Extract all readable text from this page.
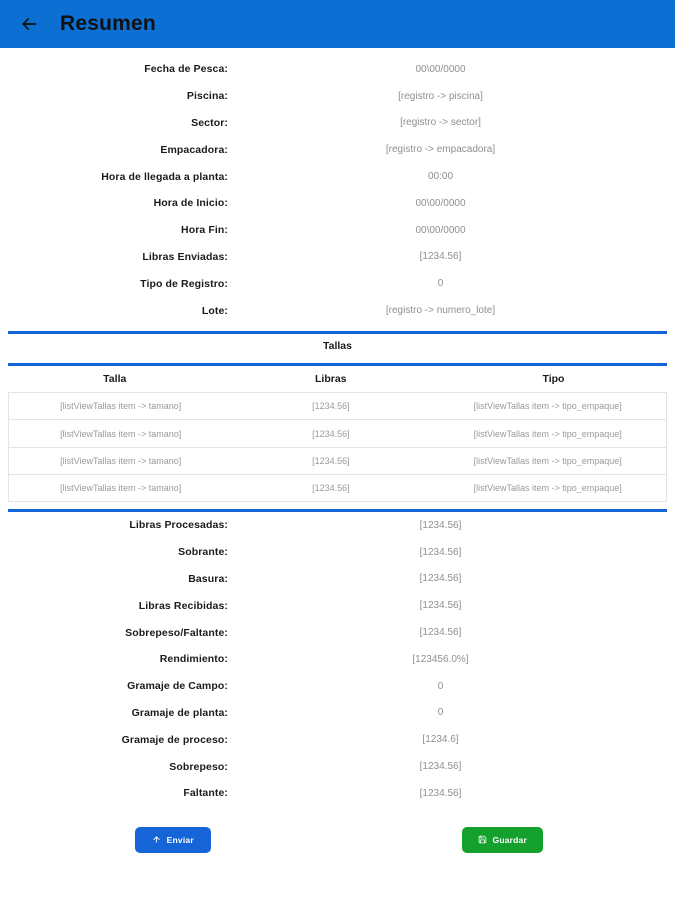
Resumen
Fecha de Pesca:	00\00/0000
Piscina:	[registro -> piscina]
Sector:	[registro -> sector]
Empacadora:	[registro -> empacadora]
Hora de llegada a planta:	00:00
Hora de Inicio:	00\00/0000
Hora Fin:	00\00/0000
Libras Enviadas:	[1234.56]
Tipo de Registro:	0
Lote:	[registro -> numero_lote]
Tallas
Talla	Libras	Tipo
[listViewTallas item -> tamano]	[1234.56]	[listViewTallas item -> tipo_empaque]
[listViewTallas item -> tamano]	[1234.56]	[listViewTallas item -> tipo_empaque]
[listViewTallas item -> tamano]	[1234.56]	[listViewTallas item -> tipo_empaque]
[listViewTallas item -> tamano]	[1234.56]	[listViewTallas item -> tipo_empaque]
Libras Procesadas:	[1234.56]
Sobrante:	[1234.56]
Basura:	[1234.56]
Libras Recibidas:	[1234.56]
Sobrepeso/Faltante:	[1234.56]
Rendimiento:	[123456.0%]
Gramaje de Campo:	0
Gramaje de planta:	0
Gramaje de proceso:	[1234.6]
Sobrepeso:	[1234.56]
Faltante:	[1234.56]
Enviar	Guardar
